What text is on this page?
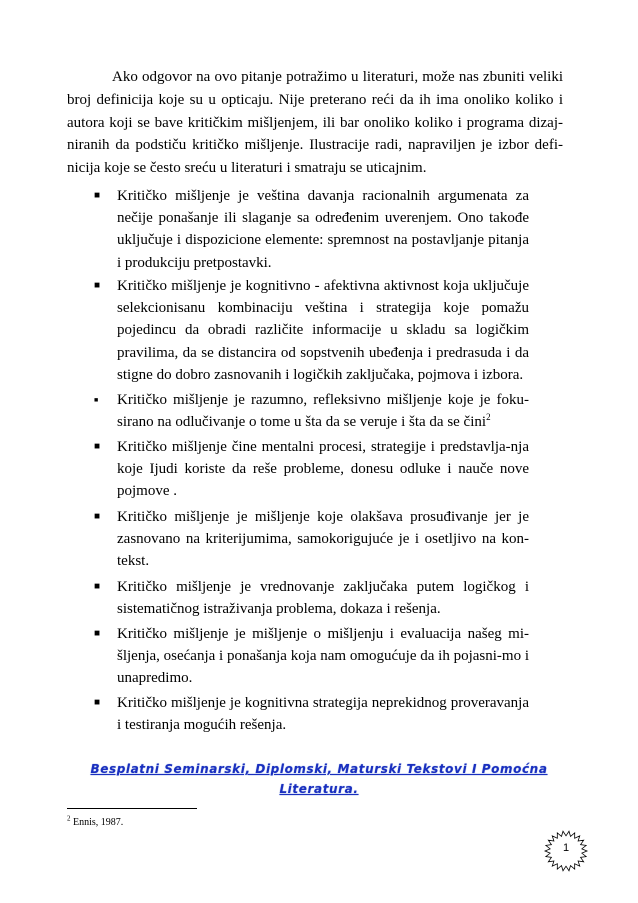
Ako odgovor na ovo pitanje potražimo u literaturi, može nas zbuniti veliki broj definicija koje su u opticaju. Nije preterano reći da ih ima onoliko koliko i autora koji se bave kritičkim mišljenjem, ili bar onoliko koliko i programa dizaj-niranih da podstiču kritičko mišljenje. Ilustracije radi, napraviljen je izbor defi-nicija koje se često sreću u literaturi i smatraju se uticajnim.

■ Kritičko mišljenje je veština davanja racionalnih argumenata za nečije ponašanje ili slaganje sa određenim uverenjem. Ono takođe uključuje i dispozicione elemente: spremnost na postavljanje pitanja i produkciju pretpostavki.
■ Kritičko mišljenje je kognitivno - afektivna aktivnost koja uključuje selekcionisanu kombinaciju veština i strategija koje pomažu pojedincu da obradi različite informacije u skladu sa logičkim pravilima, da se distancira od sopstvenih ubeđenja i predrasuda i da stigne do dobro zasnovanih i logičkih zaključaka, pojmova i izbora.
■ Kritičko mišljenje je razumno, refleksivno mišljenje koje je foku-sirano na odlučivanje o tome u šta da se veruje i šta da se čini$^2$
■ Kritičko mišljenje čine mentalni procesi, strategije i predstavlja-nja koje Ijudi koriste da reše probleme, donesu odluke i nauče nove pojmove .
■ Kritičko mišljenje je mišljenje koje olakšava prosuđivanje jer je zasnovano na kriterijumima, samokorigujuće je i osetljivo na kon-tekst.
■ Kritičko mišljenje je vrednovanje zaključaka putem logičkog i sistematičnog istraživanja problema, dokaza i rešenja.
■ Kritičko mišljenje je mišljenje o mišljenju i evaluacija našeg mi-šljenja, osećanja i ponašanja koja nam omogućuje da ih pojasni-mo i unapredimo.
■ Kritičko mišljenje je kognitivna strategija neprekidnog proveravanja i testiranja mogućih rešenja.
Besplatni Seminarski, Diplomski, Maturski Tekstovi I Pomoćna
Literatura.
$^2$ Ennis, 1987.
1
